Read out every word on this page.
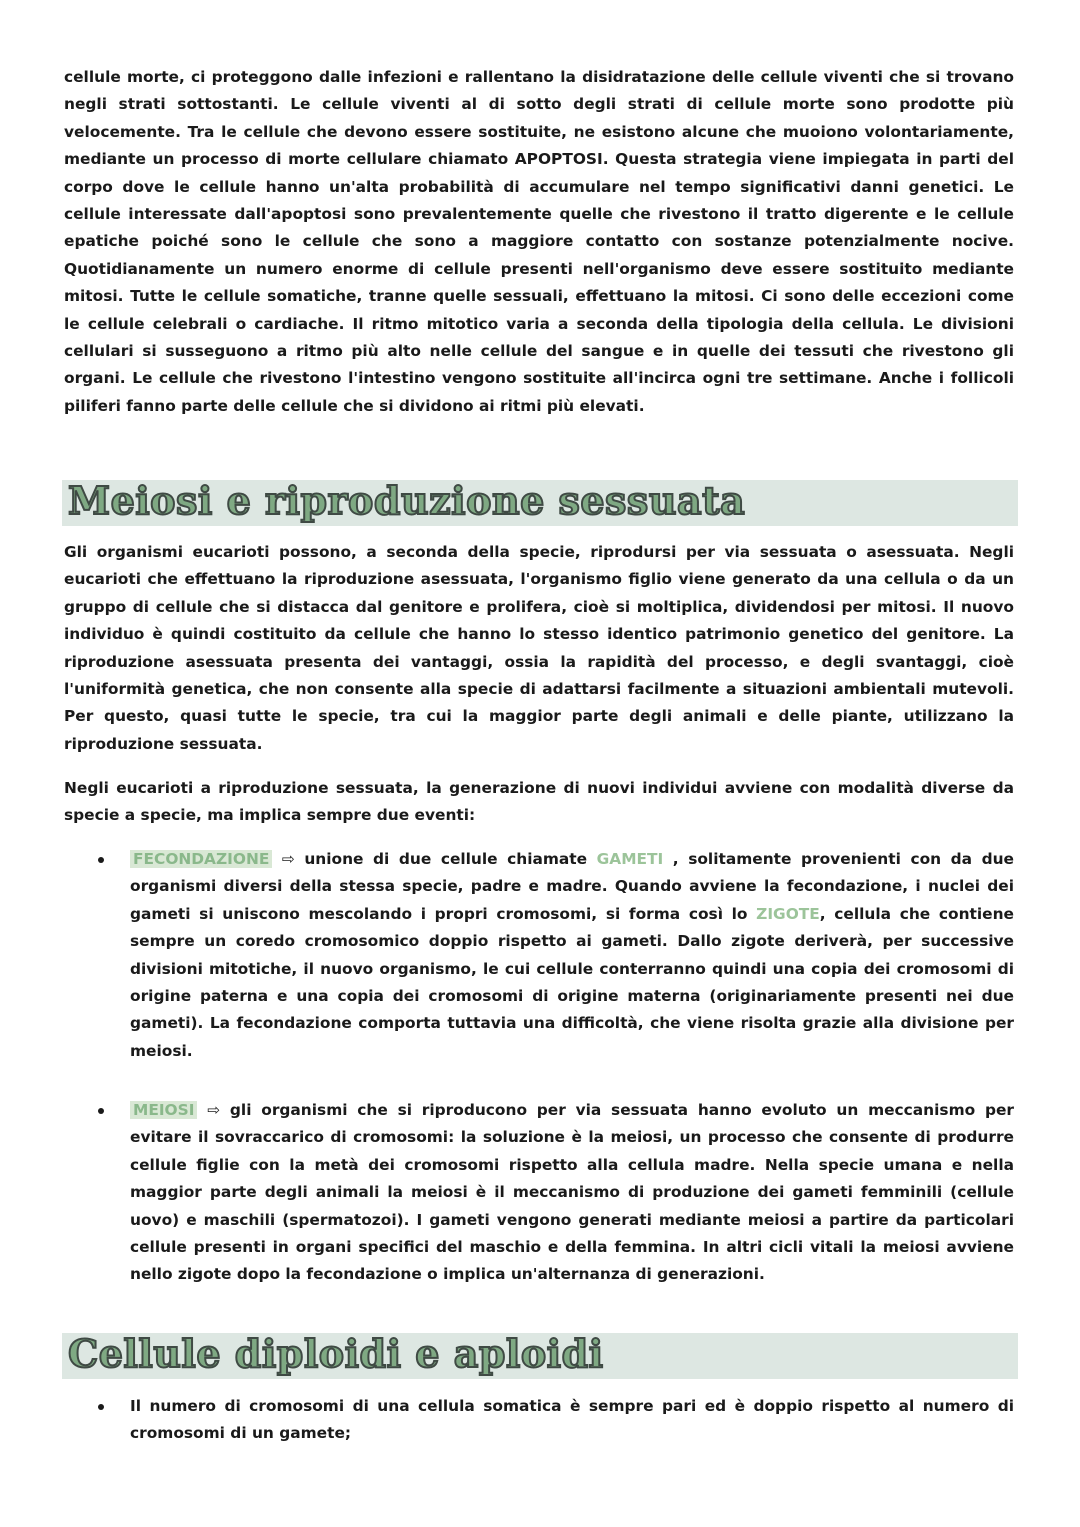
cellule morte, ci proteggono dalle infezioni e rallentano la disidratazione delle cellule viventi che si trovano negli strati sottostanti. Le cellule viventi al di sotto degli strati di cellule morte sono prodotte più velocemente. Tra le cellule che devono essere sostituite, ne esistono alcune che muoiono volontariamente, mediante un processo di morte cellulare chiamato APOPTOSI. Questa strategia viene impiegata in parti del corpo dove le cellule hanno un'alta probabilità di accumulare nel tempo significativi danni genetici. Le cellule interessate dall'apoptosi sono prevalentemente quelle che rivestono il tratto digerente e le cellule epatiche poiché sono le cellule che sono a maggiore contatto con sostanze potenzialmente nocive. Quotidianamente un numero enorme di cellule presenti nell'organismo deve essere sostituito mediante mitosi. Tutte le cellule somatiche, tranne quelle sessuali, effettuano la mitosi. Ci sono delle eccezioni come le cellule celebrali o cardiache. Il ritmo mitotico varia a seconda della tipologia della cellula. Le divisioni cellulari si susseguono a ritmo più alto nelle cellule del sangue e in quelle dei tessuti che rivestono gli organi. Le cellule che rivestono l'intestino vengono sostituite all'incirca ogni tre settimane. Anche i follicoli piliferi fanno parte delle cellule che si dividono ai ritmi più elevati.

Meiosi e riproduzione sessuata

Gli organismi eucarioti possono, a seconda della specie, riprodursi per via sessuata o asessuata. Negli eucarioti che effettuano la riproduzione asessuata, l'organismo figlio viene generato da una cellula o da un gruppo di cellule che si distacca dal genitore e prolifera, cioè si moltiplica, dividendosi per mitosi. Il nuovo individuo è quindi costituito da cellule che hanno lo stesso identico patrimonio genetico del genitore. La riproduzione asessuata presenta dei vantaggi, ossia la rapidità del processo, e degli svantaggi, cioè l'uniformità genetica, che non consente alla specie di adattarsi facilmente a situazioni ambientali mutevoli. Per questo, quasi tutte le specie, tra cui la maggior parte degli animali e delle piante, utilizzano la riproduzione sessuata.

Negli eucarioti a riproduzione sessuata, la generazione di nuovi individui avviene con modalità diverse da specie a specie, ma implica sempre due eventi:

FECONDAZIONE ⇨ unione di due cellule chiamate GAMETI , solitamente provenienti con da due organismi diversi della stessa specie, padre e madre. Quando avviene la fecondazione, i nuclei dei gameti si uniscono mescolando i propri cromosomi, si forma così lo ZIGOTE, cellula che contiene sempre un coredo cromosomico doppio rispetto ai gameti. Dallo zigote deriverà, per successive divisioni mitotiche, il nuovo organismo, le cui cellule conterranno quindi una copia dei cromosomi di origine paterna e una copia dei cromosomi di origine materna (originariamente presenti nei due gameti). La fecondazione comporta tuttavia una difficoltà, che viene risolta grazie alla divisione per meiosi.
MEIOSI ⇨ gli organismi che si riproducono per via sessuata hanno evoluto un meccanismo per evitare il sovraccarico di cromosomi: la soluzione è la meiosi, un processo che consente di produrre cellule figlie con la metà dei cromosomi rispetto alla cellula madre. Nella specie umana e nella maggior parte degli animali la meiosi è il meccanismo di produzione dei gameti femminili (cellule uovo) e maschili (spermatozoi). I gameti vengono generati mediante meiosi a partire da particolari cellule presenti in organi specifici del maschio e della femmina. In altri cicli vitali la meiosi avviene nello zigote dopo la fecondazione o implica un'alternanza di generazioni.
Cellule diploidi e aploidi
Il numero di cromosomi di una cellula somatica è sempre pari ed è doppio rispetto al numero di cromosomi di un gamete;
